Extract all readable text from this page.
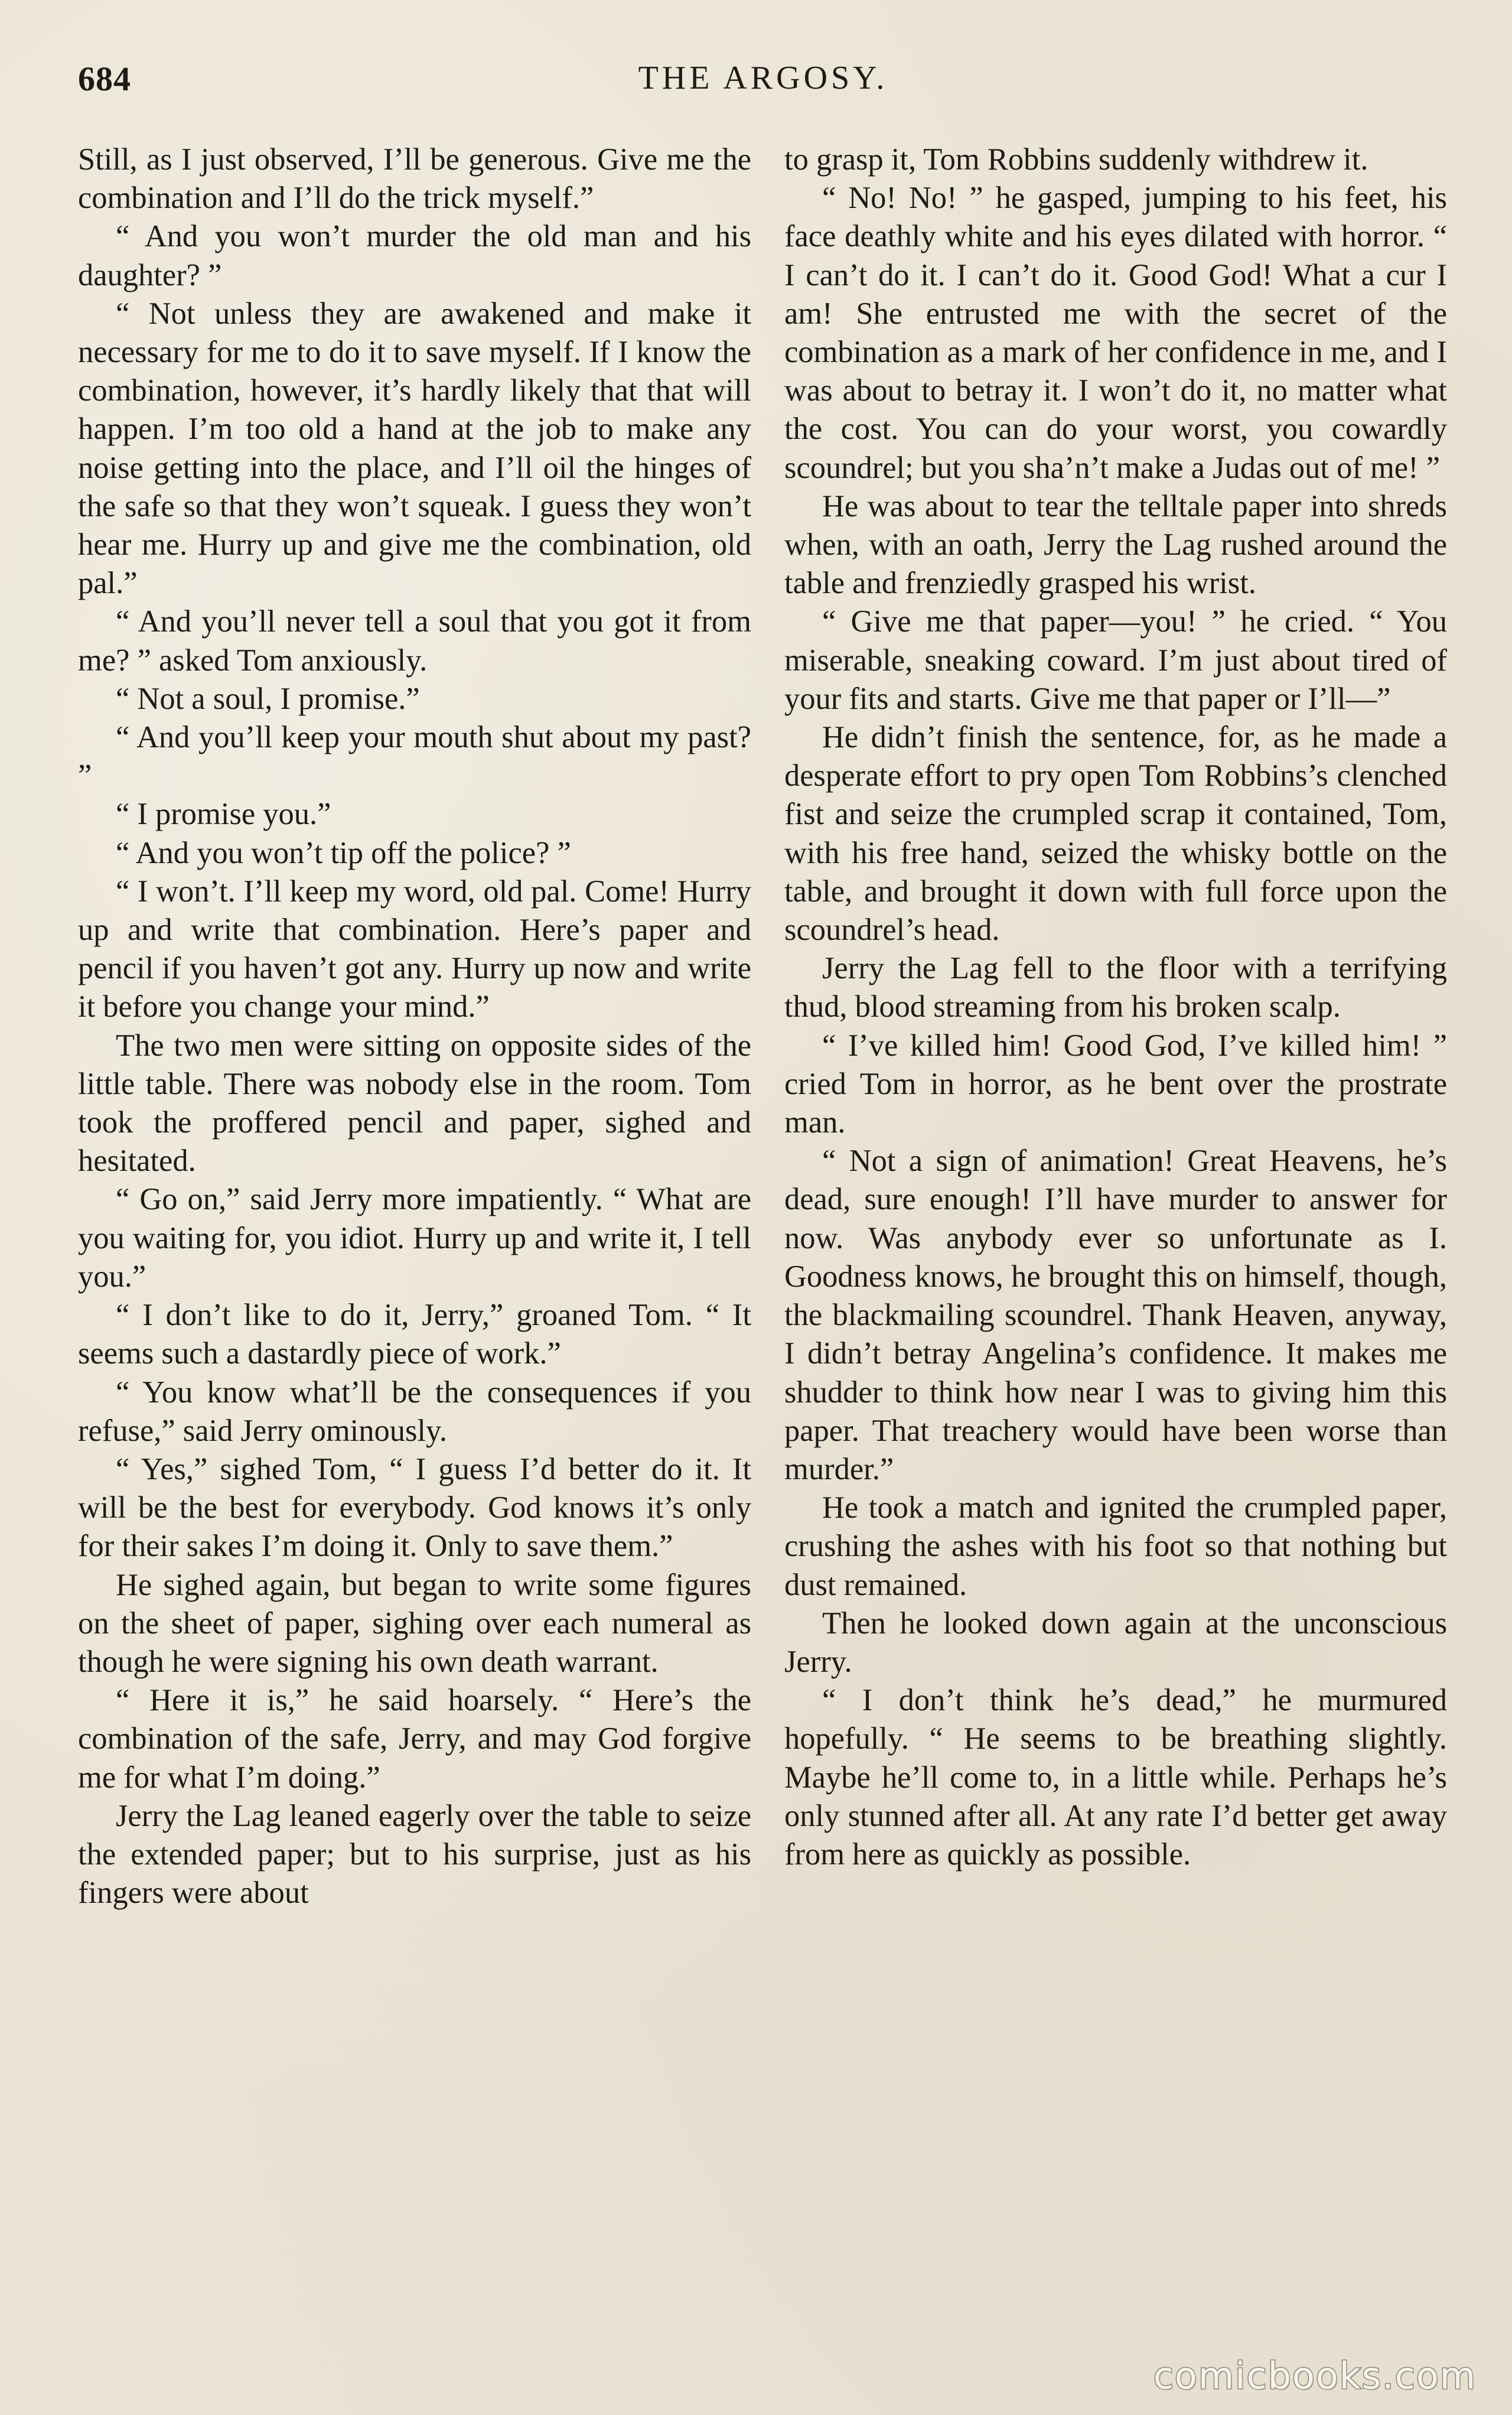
684	THE ARGOSY.

Still, as I just observed, I’ll be generous. Give me the combination and I’ll do the trick myself.”

“ And you won’t murder the old man and his daughter? ”

“ Not unless they are awakened and make it necessary for me to do it to save myself. If I know the combination, however, it’s hardly likely that that will happen. I’m too old a hand at the job to make any noise getting into the place, and I’ll oil the hinges of the safe so that they won’t squeak. I guess they won’t hear me. Hurry up and give me the combination, old pal.”

“ And you’ll never tell a soul that you got it from me? ” asked Tom anxiously.

“ Not a soul, I promise.”

“ And you’ll keep your mouth shut about my past? ”

“ I promise you.”

“ And you won’t tip off the police? ”

“ I won’t. I’ll keep my word, old pal. Come! Hurry up and write that combination. Here’s paper and pencil if you haven’t got any. Hurry up now and write it before you change your mind.”

The two men were sitting on opposite sides of the little table. There was nobody else in the room. Tom took the proffered pencil and paper, sighed and hesitated.

“ Go on,” said Jerry more impatiently. “ What are you waiting for, you idiot. Hurry up and write it, I tell you.”

“ I don’t like to do it, Jerry,” groaned Tom. “ It seems such a dastardly piece of work.”

“ You know what’ll be the consequences if you refuse,” said Jerry ominously.

“ Yes,” sighed Tom, “ I guess I’d better do it. It will be the best for everybody. God knows it’s only for their sakes I’m doing it. Only to save them.”

He sighed again, but began to write some figures on the sheet of paper, sighing over each numeral as though he were signing his own death warrant.

“ Here it is,” he said hoarsely. “ Here’s the combination of the safe, Jerry, and may God forgive me for what I’m doing.”

Jerry the Lag leaned eagerly over the table to seize the extended paper; but to his surprise, just as his fingers were about

to grasp it, Tom Robbins suddenly withdrew it.

“ No! No! ” he gasped, jumping to his feet, his face deathly white and his eyes dilated with horror. “ I can’t do it. I can’t do it. Good God! What a cur I am! She entrusted me with the secret of the combination as a mark of her confidence in me, and I was about to betray it. I won’t do it, no matter what the cost. You can do your worst, you cowardly scoundrel; but you sha’n’t make a Judas out of me! ”

He was about to tear the telltale paper into shreds when, with an oath, Jerry the Lag rushed around the table and frenziedly grasped his wrist.

“ Give me that paper—you! ” he cried. “ You miserable, sneaking coward. I’m just about tired of your fits and starts. Give me that paper or I’ll—”

He didn’t finish the sentence, for, as he made a desperate effort to pry open Tom Robbins’s clenched fist and seize the crumpled scrap it contained, Tom, with his free hand, seized the whisky bottle on the table, and brought it down with full force upon the scoundrel’s head.

Jerry the Lag fell to the floor with a terrifying thud, blood streaming from his broken scalp.

“ I’ve killed him! Good God, I’ve killed him! ” cried Tom in horror, as he bent over the prostrate man.

“ Not a sign of animation! Great Heavens, he’s dead, sure enough! I’ll have murder to answer for now. Was anybody ever so unfortunate as I. Goodness knows, he brought this on himself, though, the blackmailing scoundrel. Thank Heaven, anyway, I didn’t betray Angelina’s confidence. It makes me shudder to think how near I was to giving him this paper. That treachery would have been worse than murder.”

He took a match and ignited the crumpled paper, crushing the ashes with his foot so that nothing but dust remained.

Then he looked down again at the unconscious Jerry.

“ I don’t think he’s dead,” he murmured hopefully. “ He seems to be breathing slightly. Maybe he’ll come to, in a little while. Perhaps he’s only stunned after all. At any rate I’d better get away from here as quickly as possible.

comicbooks.com
